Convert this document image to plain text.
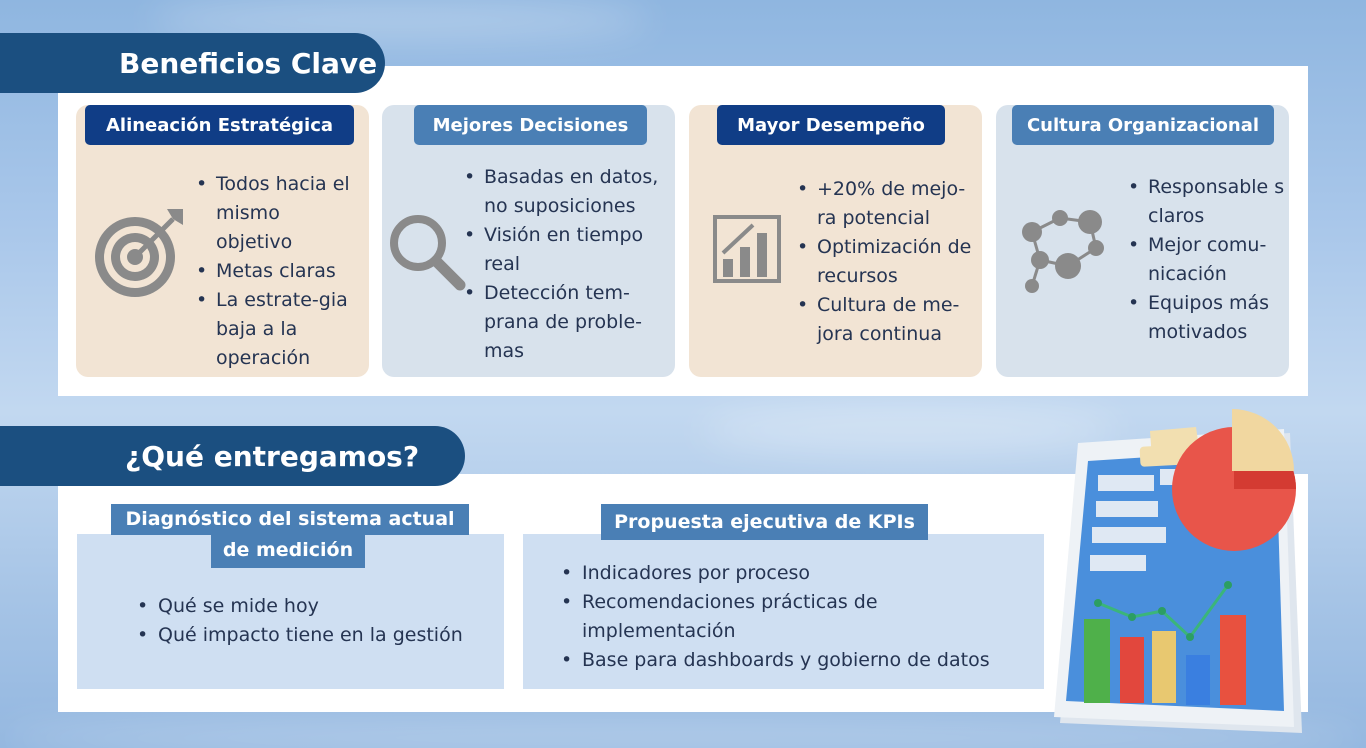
Beneficios Clave
Alineación Estratégica
• Todos hacia el mismo objetivo
• Metas claras
• La estrate-gia baja a la operación
Mejores Decisiones
• Basadas en datos, no suposiciones
• Visión en tiempo real
• Detección tem-prana de proble-mas
Mayor Desempeño
• +20% de mejo-ra potencial
• Optimización de recursos
• Cultura de me-jora continua
Cultura Organizacional
• Responsable s claros
• Mejor comu-nicación
• Equipos más motivados
¿Qué entregamos?
• Qué se mide hoy
• Qué impacto tiene en la gestión
Diagnóstico del sistema actual
de medición
• Indicadores por proceso
• Recomendaciones prácticas de implementación
• Base para dashboards y gobierno de datos
Propuesta ejecutiva de KPIs
